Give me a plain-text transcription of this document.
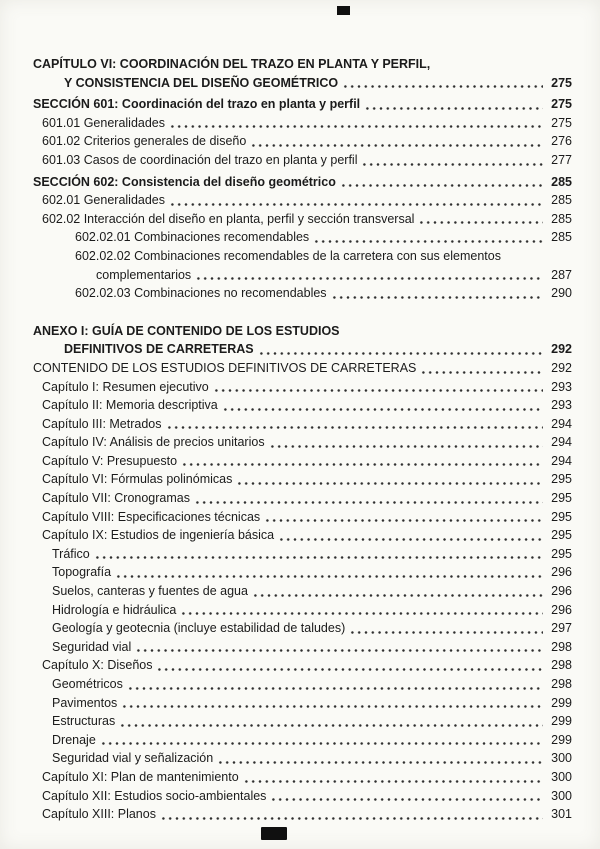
CAPÍTULO VI: COORDINACIÓN DEL TRAZO EN PLANTA Y PERFIL,
Y CONSISTENCIA DEL DISEÑO GEOMÉTRICO	275
SECCIÓN 601: Coordinación del trazo en planta y perfil	275
601.01 Generalidades	275
601.02 Criterios generales de diseño	276
601.03 Casos de coordinación del trazo en planta y perfil	277
SECCIÓN 602: Consistencia del diseño geométrico	285
602.01 Generalidades	285
602.02 Interacción del diseño en planta, perfil y sección transversal	285
602.02.01 Combinaciones recomendables	285
602.02.02 Combinaciones recomendables de la carretera con sus elementos
complementarios	287
602.02.03 Combinaciones no recomendables	290
ANEXO I: GUÍA DE CONTENIDO DE LOS ESTUDIOS
DEFINITIVOS DE CARRETERAS	292
CONTENIDO DE LOS ESTUDIOS DEFINITIVOS DE CARRETERAS	292
Capítulo I: Resumen ejecutivo	293
Capítulo II: Memoria descriptiva	293
Capítulo III: Metrados	294
Capítulo IV: Análisis de precios unitarios	294
Capítulo V: Presupuesto	294
Capítulo VI: Fórmulas polinómicas	295
Capítulo VII: Cronogramas	295
Capítulo VIII: Especificaciones técnicas	295
Capítulo IX: Estudios de ingeniería básica	295
Tráfico	295
Topografía	296
Suelos, canteras y fuentes de agua	296
Hidrología e hidráulica	296
Geología y geotecnia (incluye estabilidad de taludes)	297
Seguridad vial	298
Capítulo X: Diseños	298
Geométricos	298
Pavimentos	299
Estructuras	299
Drenaje	299
Seguridad vial y señalización	300
Capítulo XI: Plan de mantenimiento	300
Capítulo XII: Estudios socio-ambientales	300
Capítulo XIII: Planos	301
